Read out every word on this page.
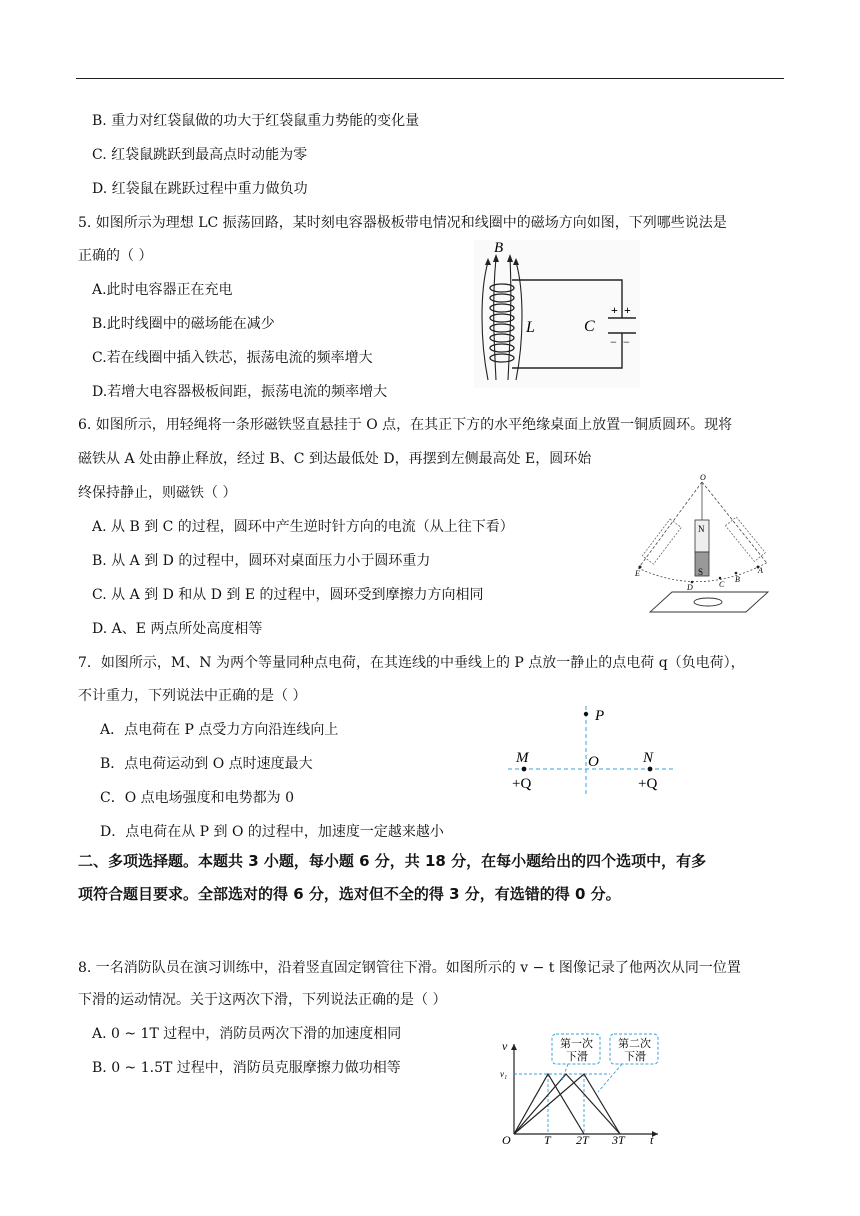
B. 重力对红袋鼠做的功大于红袋鼠重力势能的变化量
C. 红袋鼠跳跃到最高点时动能为零
D. 红袋鼠在跳跃过程中重力做负功
5. 如图所示为理想 LC 振荡回路，某时刻电容器极板带电情况和线圈中的磁场方向如图，下列哪些说法是
正确的（ ）
A.此时电容器正在充电
B.此时线圈中的磁场能在减少
C.若在线圈中插入铁芯，振荡电流的频率增大
D.若增大电容器极板间距，振荡电流的频率增大
+ +
− −
B
L	C
6. 如图所示，用轻绳将一条形磁铁竖直悬挂于 O 点，在其正下方的水平绝缘桌面上放置一铜质圆环。现将
磁铁从 A 处由静止释放，经过 B、C 到达最低处 D，再摆到左侧最高处 E，圆环始
终保持静止，则磁铁（ ）
A. 从 B 到 C 的过程，圆环中产生逆时针方向的电流（从上往下看）
B. 从 A 到 D 的过程中，圆环对桌面压力小于圆环重力
C. 从 A 到 D 和从 D 到 E 的过程中，圆环受到摩擦力方向相同
D. A、E 两点所处高度相等
N
S
O
E
D	C
B
A
7．如图所示，M、N 为两个等量同种点电荷，在其连线的中垂线上的 P 点放一静止的点电荷 q（负电荷），
不计重力，下列说法中正确的是（ ）
A．点电荷在 P 点受力方向沿连线向上
B．点电荷运动到 O 点时速度最大
C．O 点电场强度和电势都为 0
D．点电荷在从 P 到 O 的过程中，加速度一定越来越小
P
M	O	N
+Q	+Q
二、多项选择题。本题共 3 小题，每小题 6 分，共 18 分，在每小题给出的四个选项中，有多
项符合题目要求。全部选对的得 6 分，选对但不全的得 3 分，有选错的得 0 分。
8. 一名消防队员在演习训练中，沿着竖直固定钢管往下滑。如图所示的 v − t 图像记录了他两次从同一位置
下滑的运动情况。关于这两次下滑，下列说法正确的是（ ）
A. 0 ~ 1T 过程中，消防员两次下滑的加速度相同
B. 0 ~ 1.5T 过程中，消防员克服摩擦力做功相等
第一次
下滑
第二次
下滑
v
v₁
O	T 2T 3T t
